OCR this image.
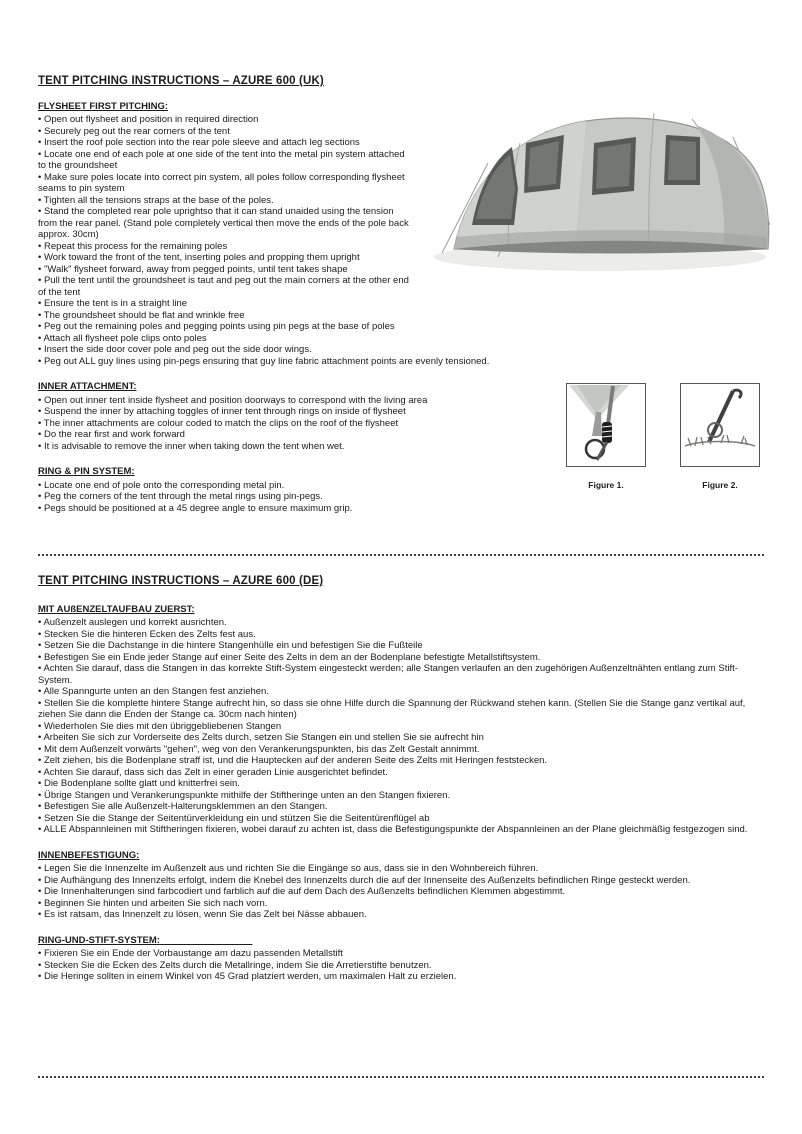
TENT PITCHING INSTRUCTIONS – AZURE 600 (UK)
FLYSHEET FIRST PITCHING:
• Open out flysheet and position in required direction
• Securely peg out the rear corners of the tent
• Insert the roof pole section into the rear pole sleeve and attach leg sections
• Locate one end of each pole at one side of the tent into the metal pin system attached to the groundsheet
• Make sure poles locate into correct pin system, all poles follow corresponding flysheet seams to pin system
• Tighten all the tensions straps at the base of the poles.
• Stand the completed rear pole uprightso that it can stand unaided using the tension from the rear panel. (Stand pole completely vertical then move the ends of the pole back approx. 30cm)
• Repeat this process for the remaining poles
• Work toward the front of the tent, inserting poles and propping them upright
• "Walk" flysheet forward, away from pegged points, until tent takes shape
• Pull the tent until the groundsheet is taut and peg out the main corners at the other end of the tent
• Ensure the tent is in a straight line
• The groundsheet should be flat and wrinkle free
• Peg out the remaining poles and pegging points using pin pegs at the base of poles
• Attach all flysheet pole clips onto poles
• Insert the side door cover pole and peg out the side door wings.
• Peg out ALL guy lines using pin-pegs ensuring that guy line fabric attachment points are evenly tensioned.
Figure 1.	Figure 2.
INNER ATTACHMENT:
• Open out inner tent inside flysheet and position doorways to correspond with the living area
• Suspend the inner by attaching toggles of inner tent through rings on inside of flysheet
• The inner attachments are colour coded to match the clips on the roof of the flysheet
• Do the rear first and work forward
• It is advisable to remove the inner when taking down the tent when wet.
RING & PIN SYSTEM:
• Locate one end of pole onto the corresponding metal pin.
• Peg the corners of the tent through the metal rings using pin-pegs.
• Pegs should be positioned at a 45 degree angle to ensure maximum grip.
TENT PITCHING INSTRUCTIONS – AZURE 600 (DE)
MIT AUßENZELTAUFBAU ZUERST:
• Außenzelt auslegen und korrekt ausrichten.
• Stecken Sie die hinteren Ecken des Zelts fest aus.
• Setzen Sie die Dachstange in die hintere Stangenhülle ein und befestigen Sie die Fußteile
• Befestigen Sie ein Ende jeder Stange auf einer Seite des Zelts in dem an der Bodenplane befestigte Metallstiftsystem.
• Achten Sie darauf, dass die Stangen in das korrekte Stift-System eingesteckt werden; alle Stangen verlaufen an den zugehörigen Außenzeltnähten entlang zum Stift-System.
• Alle Spanngurte unten an den Stangen fest anziehen.
• Stellen Sie die komplette hintere Stange aufrecht hin, so dass sie ohne Hilfe durch die Spannung der Rückwand stehen kann. (Stellen Sie die Stange ganz vertikal auf, ziehen Sie dann die Enden der Stange ca. 30cm nach hinten)
• Wiederholen Sie dies mit den übriggebliebenen Stangen
• Arbeiten Sie sich zur Vorderseite des Zelts durch, setzen Sie Stangen ein und stellen Sie sie aufrecht hin
• Mit dem Außenzelt vorwärts "gehen", weg von den Verankerungspunkten, bis das Zelt Gestalt annimmt.
• Zelt ziehen, bis die Bodenplane straff ist, und die Hauptecken auf der anderen Seite des Zelts mit Heringen feststecken.
• Achten Sie darauf, dass sich das Zelt in einer geraden Linie ausgerichtet befindet.
• Die Bodenplane sollte glatt und knitterfrei sein.
• Übrige Stangen und Verankerungspunkte mithilfe der Stiftheringe unten an den Stangen fixieren.
• Befestigen Sie alle Außenzelt-Halterungsklemmen an den Stangen.
• Setzen Sie die Stange der Seitentürverkleidung ein und stützen Sie die Seitentürenflügel ab
• ALLE Abspannleinen mit Stiftheringen fixieren, wobei darauf zu achten ist, dass die Befestigungspunkte der Abspannleinen an der Plane gleichmäßig festgezogen sind.
INNENBEFESTIGUNG:
• Legen Sie die Innenzelte im Außenzelt aus und richten Sie die Eingänge so aus, dass sie in den Wohnbereich führen.
• Die Aufhängung des Innenzelts erfolgt, indem die Knebel des Innenzelts durch die auf der Innenseite des Außenzelts befindlichen Ringe gesteckt werden.
• Die Innenhalterungen sind farbcodiert und farblich auf die auf dem Dach des Außenzelts befindlichen Klemmen abgestimmt.
• Beginnen Sie hinten und arbeiten Sie sich nach vorn.
• Es ist ratsam, das Innenzelt zu lösen, wenn Sie das Zelt bei Nässe abbauen.
RING-UND-STIFT-SYSTEM:
• Fixieren Sie ein Ende der Vorbaustange am dazu passenden Metallstift
• Stecken Sie die Ecken des Zelts durch die Metallringe, indem Sie die Arretierstifte benutzen.
• Die Heringe sollten in einem Winkel von 45 Grad platziert werden, um maximalen Halt zu erzielen.
